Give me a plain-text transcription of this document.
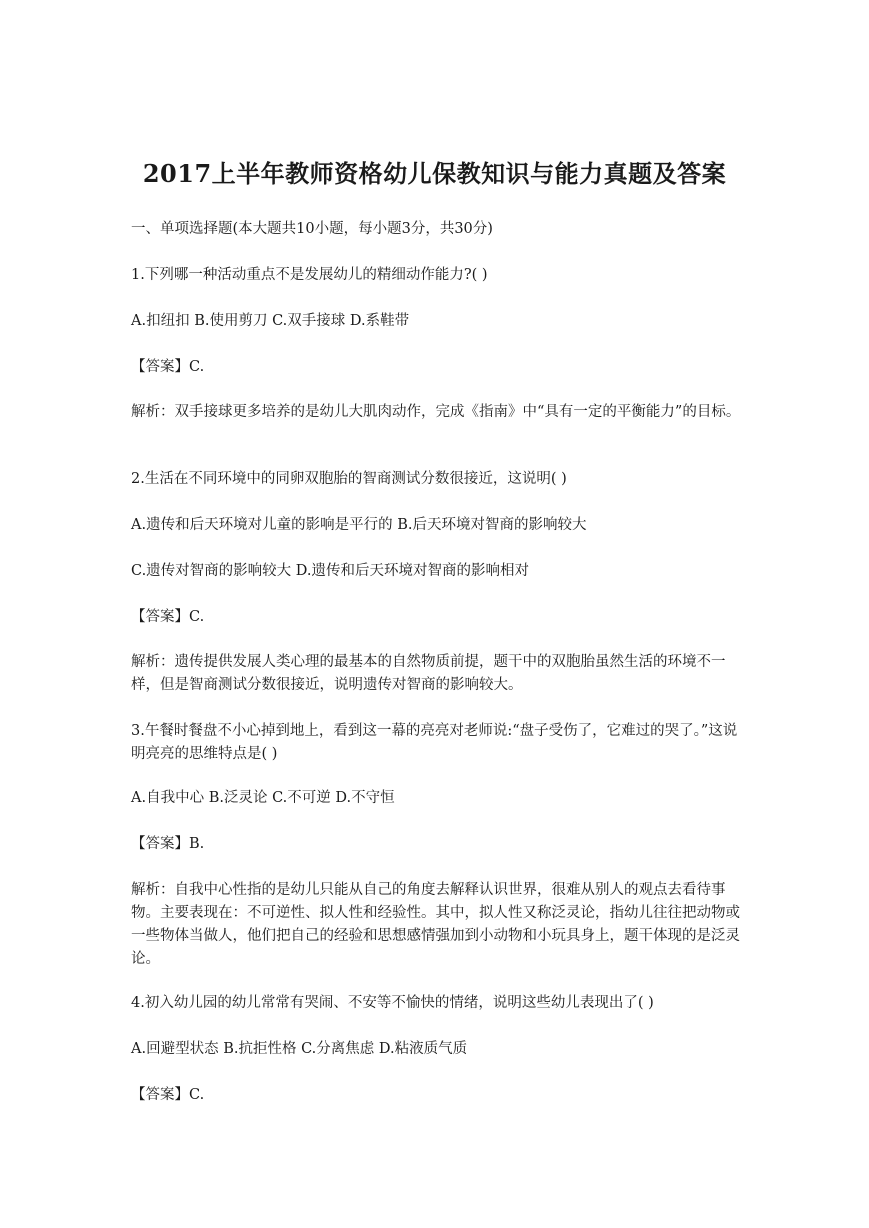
2017上半年教师资格幼儿保教知识与能力真题及答案
一、单项选择题(本大题共10小题，每小题3分，共30分)
1.下列哪一种活动重点不是发展幼儿的精细动作能力?( )
A.扣纽扣 B.使用剪刀 C.双手接球 D.系鞋带
【答案】C.
解析：双手接球更多培养的是幼儿大肌肉动作，完成《指南》中“具有一定的平衡能力”的目标。
2.生活在不同环境中的同卵双胞胎的智商测试分数很接近，这说明( )
A.遗传和后天环境对儿童的影响是平行的 B.后天环境对智商的影响较大
C.遗传对智商的影响较大 D.遗传和后天环境对智商的影响相对
【答案】C.
解析：遗传提供发展人类心理的最基本的自然物质前提，题干中的双胞胎虽然生活的环境不一样，但是智商测试分数很接近，说明遗传对智商的影响较大。
3.午餐时餐盘不小心掉到地上，看到这一幕的亮亮对老师说:“盘子受伤了，它难过的哭了。”这说明亮亮的思维特点是( )
A.自我中心 B.泛灵论 C.不可逆 D.不守恒
【答案】B.
解析：自我中心性指的是幼儿只能从自己的角度去解释认识世界，很难从别人的观点去看待事物。主要表现在：不可逆性、拟人性和经验性。其中，拟人性又称泛灵论，指幼儿往往把动物或一些物体当做人，他们把自己的经验和思想感情强加到小动物和小玩具身上，题干体现的是泛灵论。
4.初入幼儿园的幼儿常常有哭闹、不安等不愉快的情绪，说明这些幼儿表现出了( )
A.回避型状态 B.抗拒性格 C.分离焦虑 D.粘液质气质
【答案】C.
